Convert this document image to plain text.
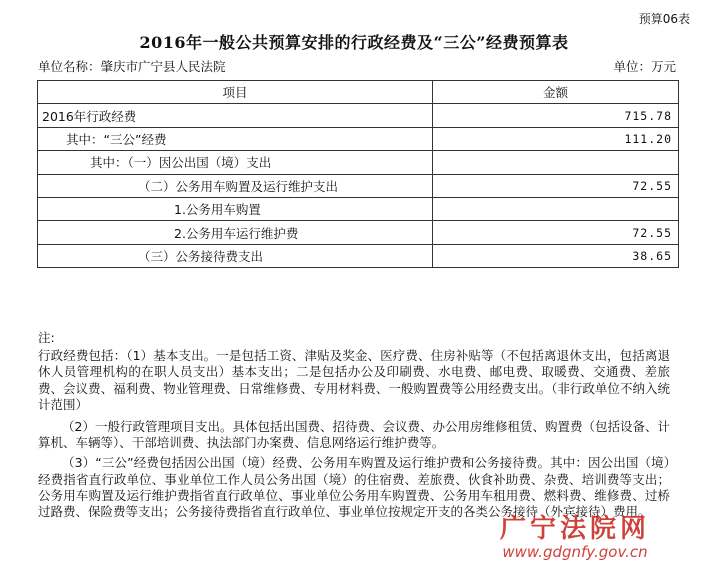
预算06表
2016年一般公共预算安排的行政经费及“三公”经费预算表
单位名称：肇庆市广宁县人民法院	单位：万元
项目	金额
2016年行政经费	715.78
其中：“三公”经费	111.20
其中：（一）因公出国（境）支出	
（二）公务用车购置及运行维护支出	72.55
1.公务用车购置	
2.公务用车运行维护费	72.55
（三）公务接待费支出	38.65

注:

行政经费包括：（1）基本支出。一是包括工资、津贴及奖金、医疗费、住房补贴等（不包括离退休支出，包括离退休人员管理机构的在职人员支出）基本支出；二是包括办公及印刷费、水电费、邮电费、取暖费、交通费、差旅费、会议费、福利费、物业管理费、日常维修费、专用材料费、一般购置费等公用经费支出。（非行政单位不纳入统计范围）

（2）一般行政管理项目支出。具体包括出国费、招待费、会议费、办公用房维修租赁、购置费（包括设备、计算机、车辆等）、干部培训费、执法部门办案费、信息网络运行维护费等。

（3）“三公”经费包括因公出国（境）经费、公务用车购置及运行维护费和公务接待费。其中：因公出国（境）经费指省直行政单位、事业单位工作人员公务出国（境）的住宿费、差旅费、伙食补助费、杂费、培训费等支出；公务用车购置及运行维护费指省直行政单位、事业单位公务用车购置费、公务用车租用费、燃料费、维修费、过桥过路费、保险费等支出；公务接待费指省直行政单位、事业单位按规定开支的各类公务接待（外宾接待）费用。

广宁法院网
www.gdgnfy.gov.cn
